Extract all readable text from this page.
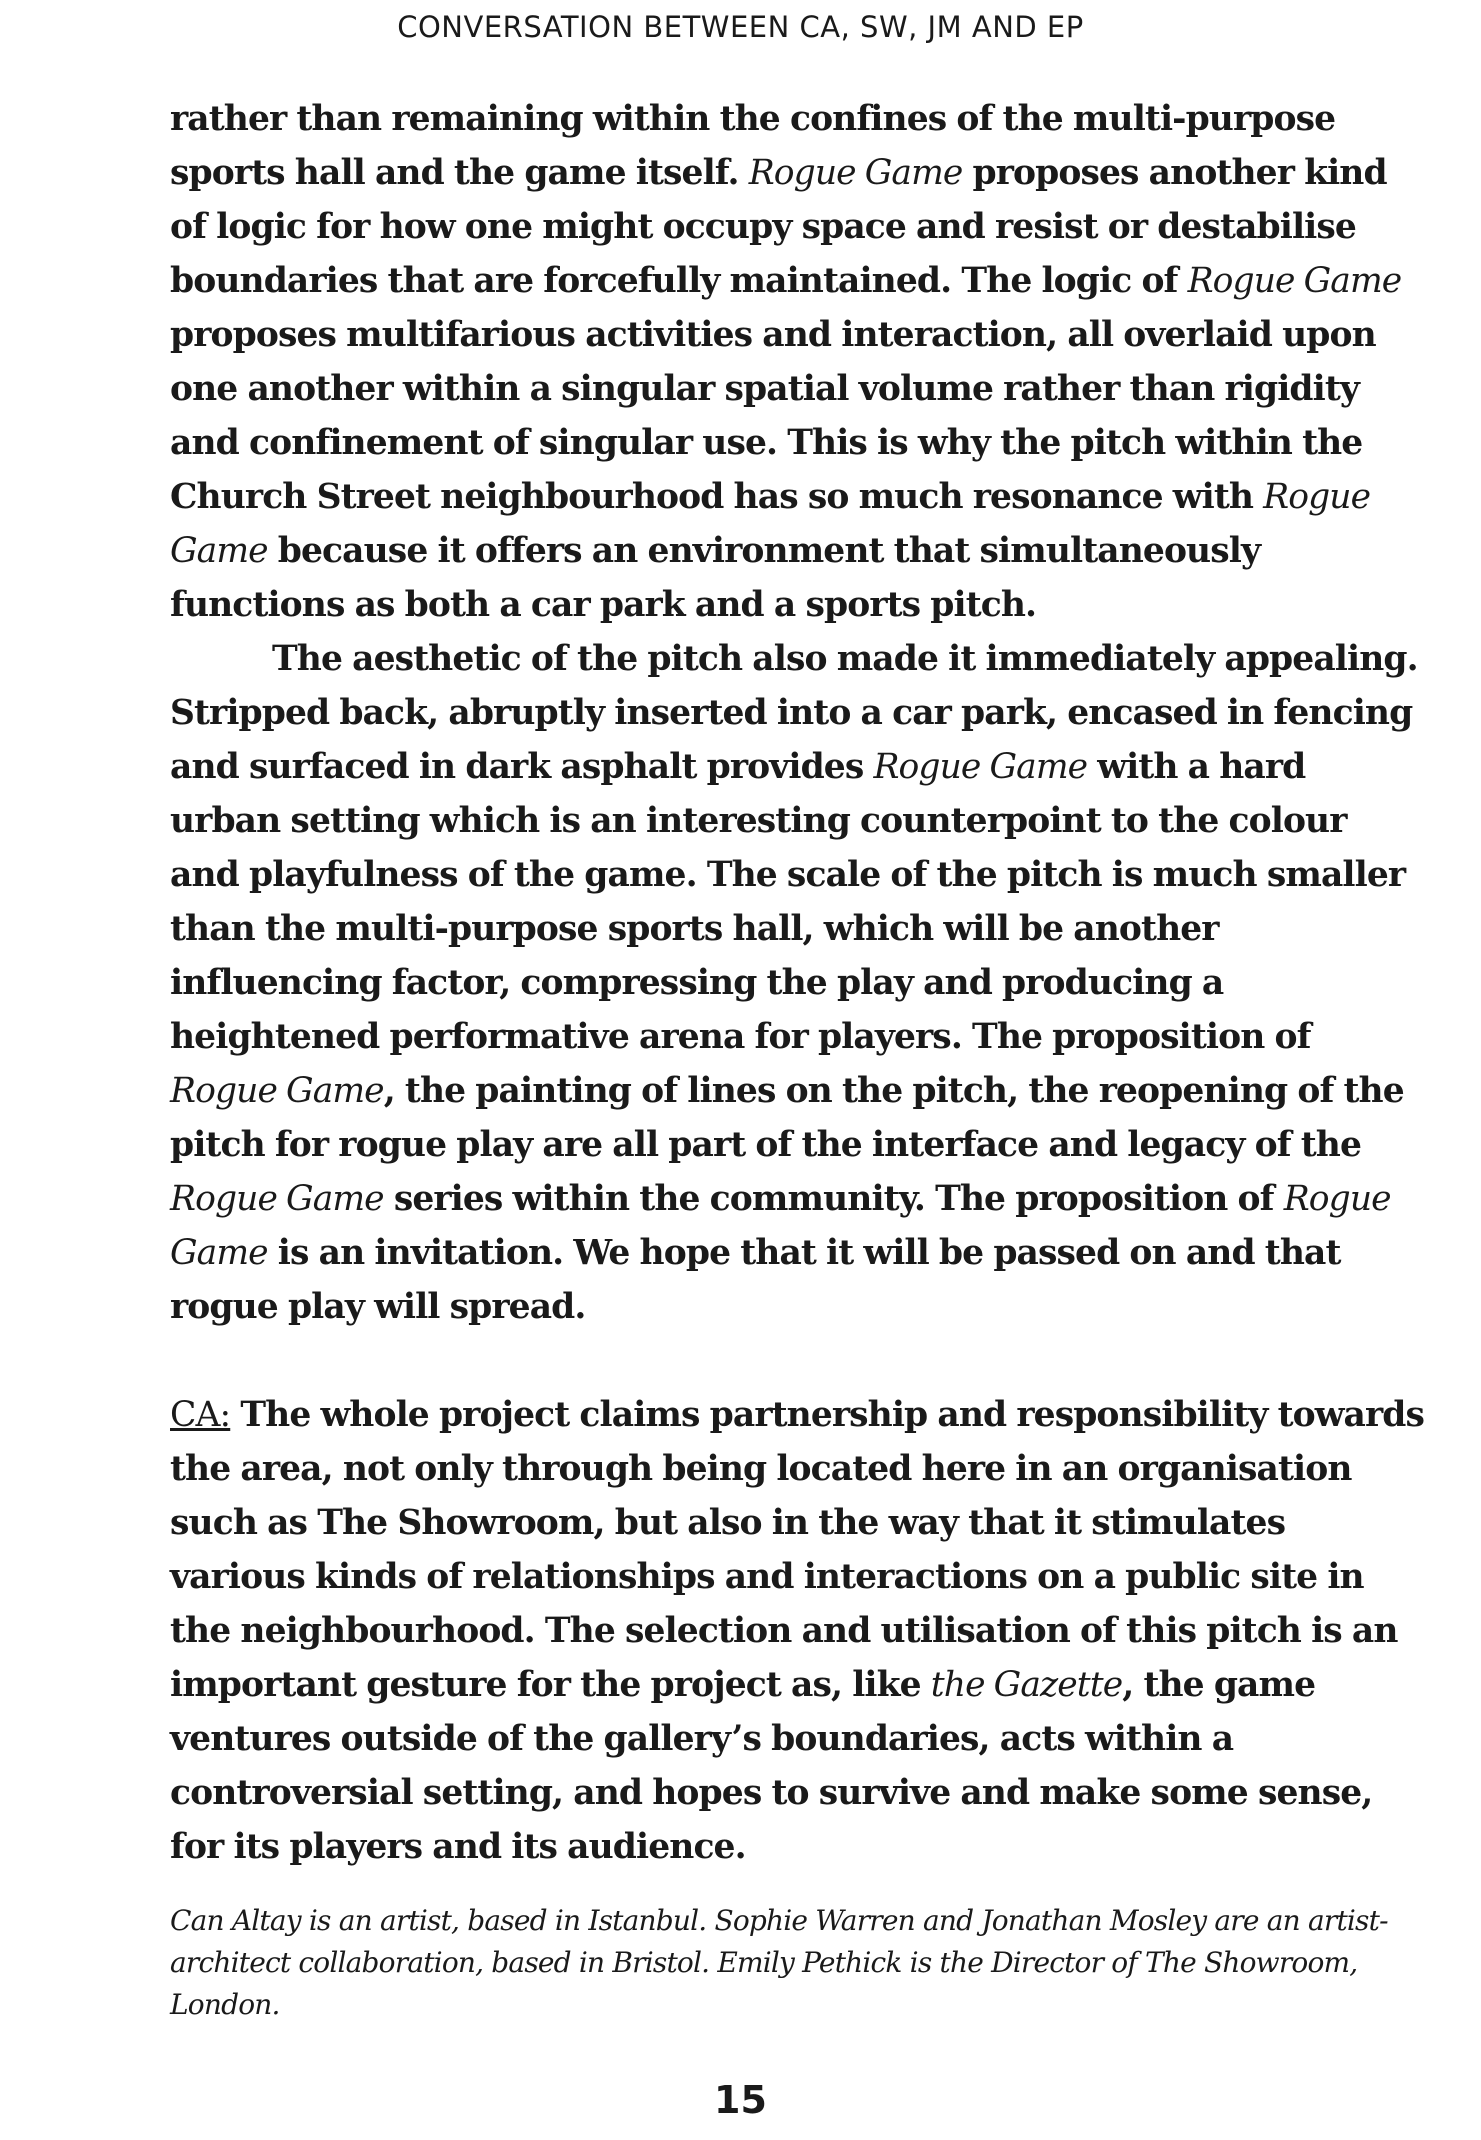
CONVERSATION BETWEEN CA, SW, JM AND EP

rather than remaining within the confines of the multi-purpose sports hall and the game itself. Rogue Game proposes another kind of logic for how one might occupy space and resist or destabilise boundaries that are forcefully maintained. The logic of Rogue Game proposes multifarious activities and interaction, all overlaid upon one another within a singular spatial volume rather than rigidity and confinement of singular use. This is why the pitch within the Church Street neighbourhood has so much resonance with Rogue Game because it offers an environment that simultaneously functions as both a car park and a sports pitch.

The aesthetic of the pitch also made it immediately appealing. Stripped back, abruptly inserted into a car park, encased in fencing and surfaced in dark asphalt provides Rogue Game with a hard urban setting which is an interesting counterpoint to the colour and playfulness of the game. The scale of the pitch is much smaller than the multi-purpose sports hall, which will be another influencing factor, compressing the play and producing a heightened performative arena for players. The proposition of Rogue Game, the painting of lines on the pitch, the reopening of the pitch for rogue play are all part of the interface and legacy of the Rogue Game series within the community. The proposition of Rogue Game is an invitation. We hope that it will be passed on and that rogue play will spread.

CA: The whole project claims partnership and responsibility towards the area, not only through being located here in an organisation such as The Showroom, but also in the way that it stimulates various kinds of relationships and interactions on a public site in the neighbourhood. The selection and utilisation of this pitch is an important gesture for the project as, like the Gazette, the game ventures outside of the gallery’s boundaries, acts within a controversial setting, and hopes to survive and make some sense, for its players and its audience.

Can Altay is an artist, based in Istanbul. Sophie Warren and Jonathan Mosley are an artist-architect collaboration, based in Bristol. Emily Pethick is the Director of The Showroom, London.
15
